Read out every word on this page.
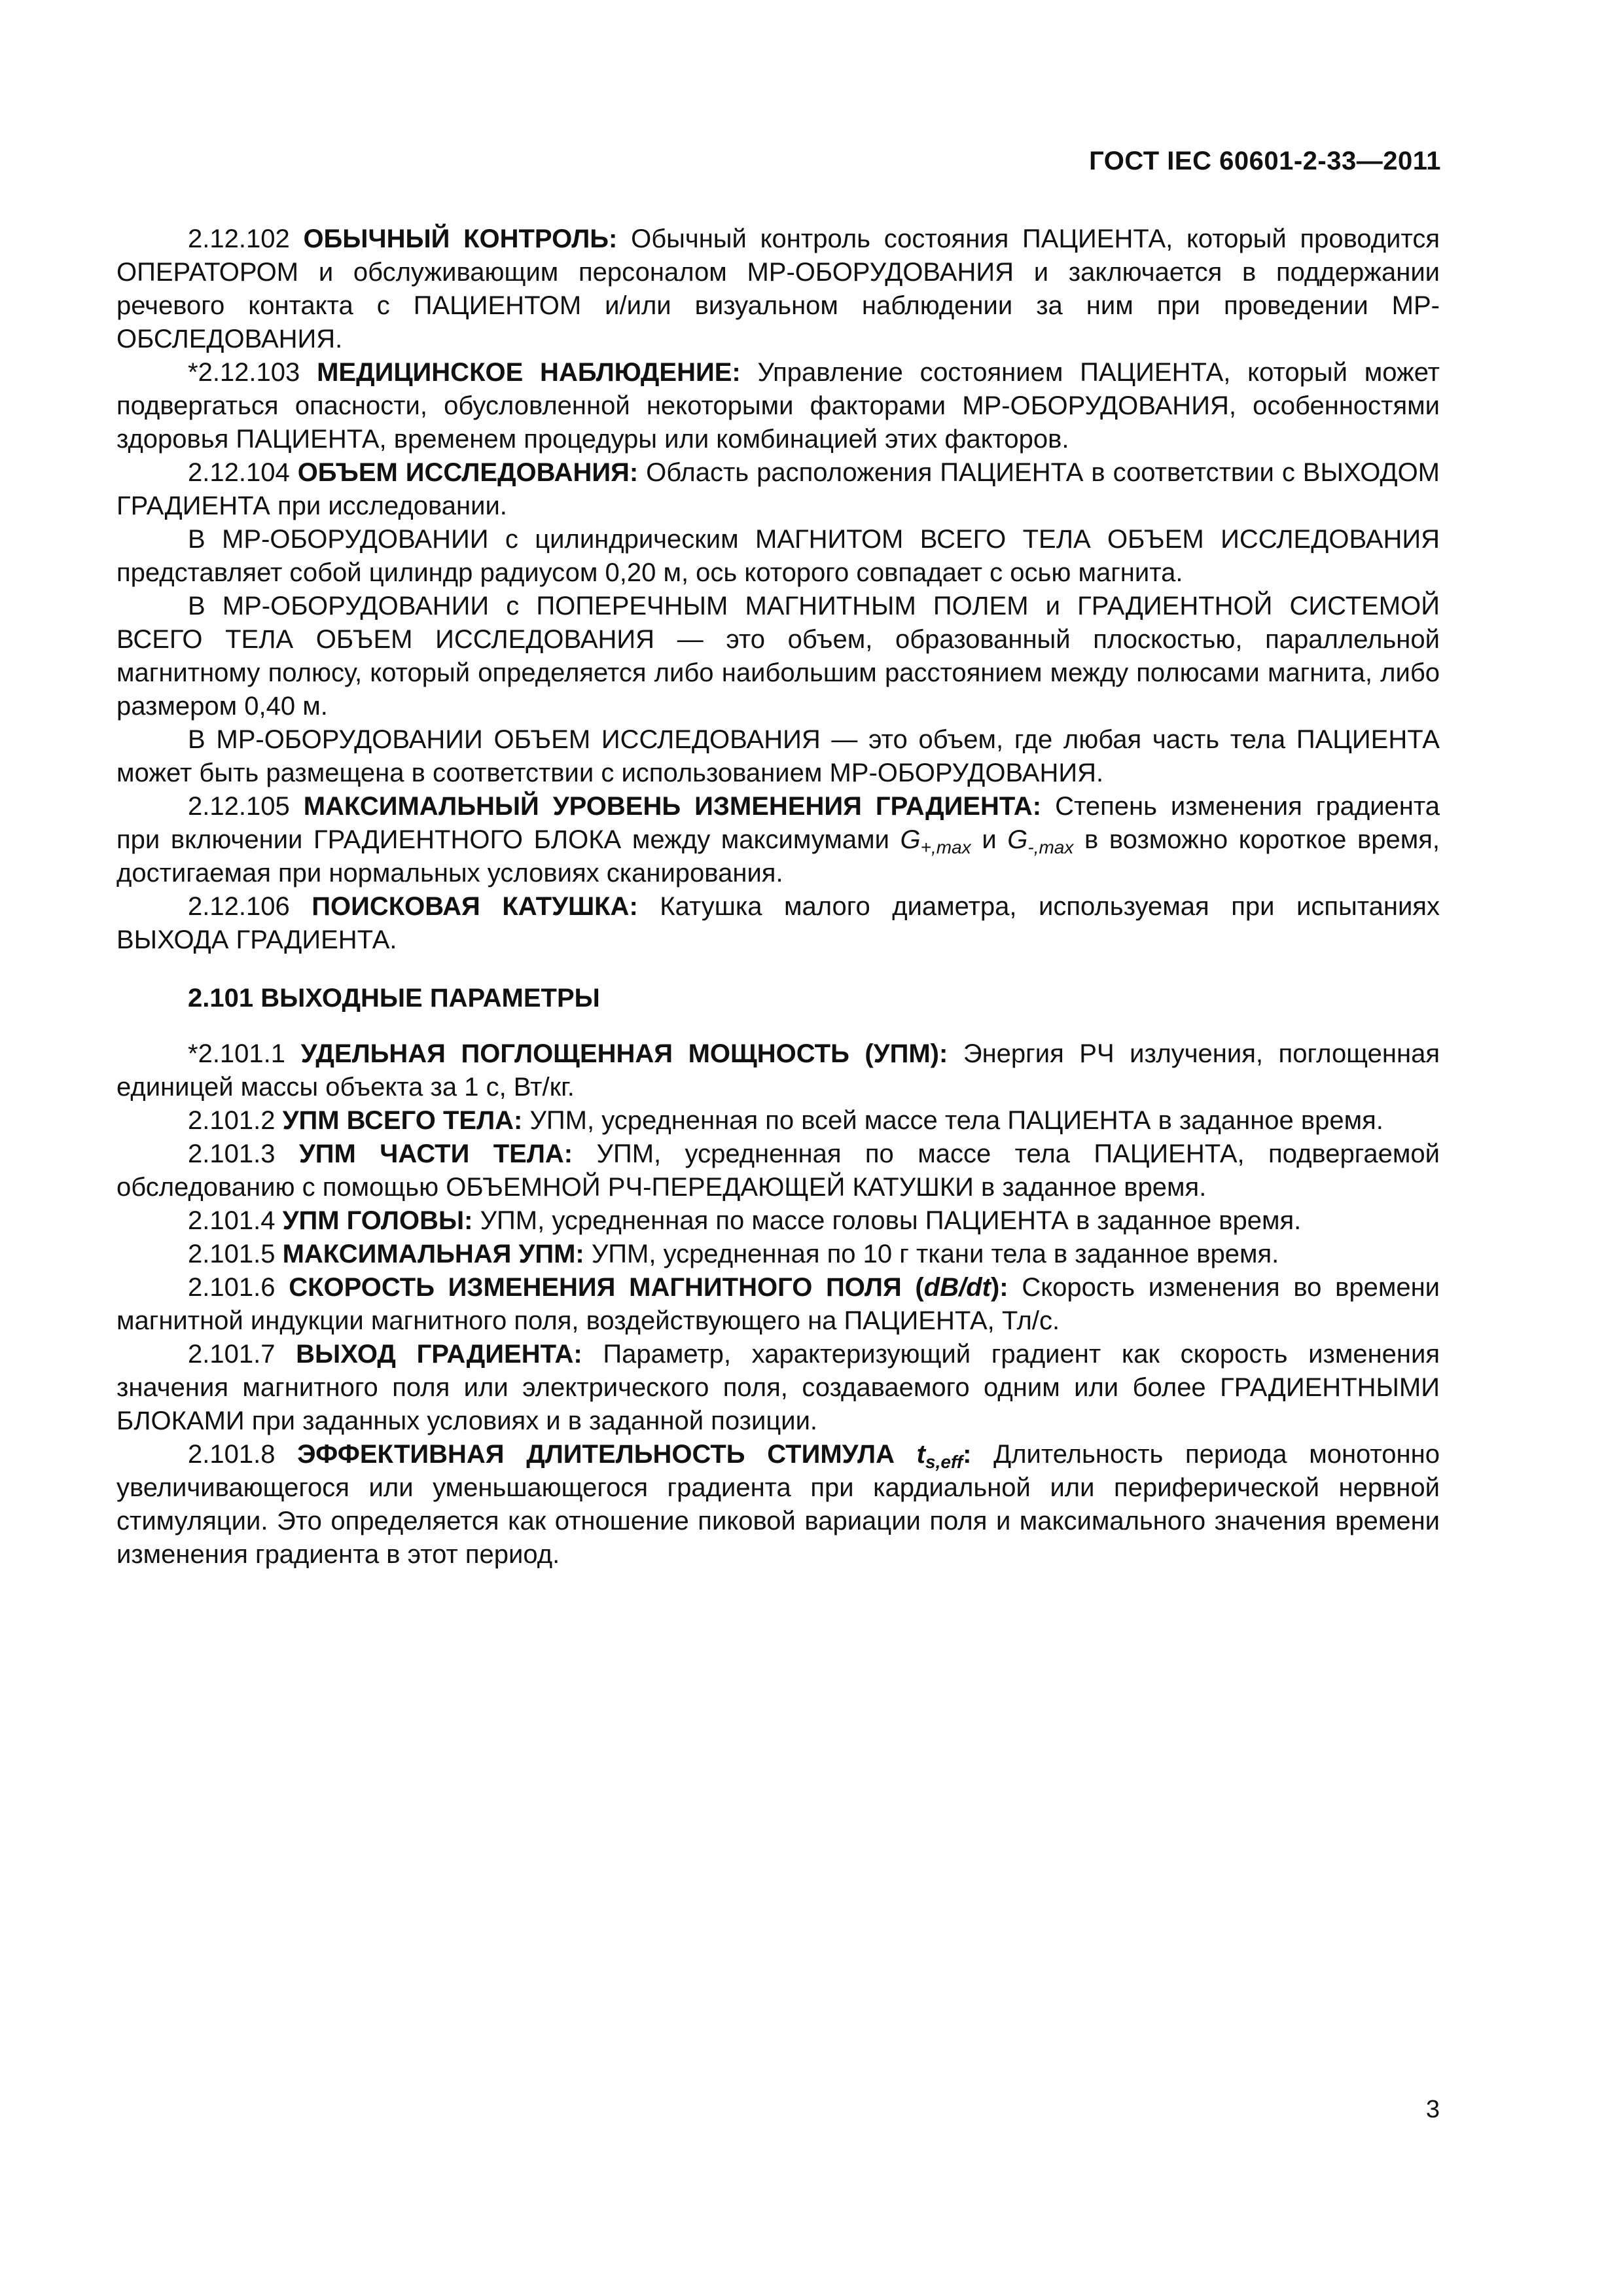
ГОСТ IEC 60601-2-33—2011

2.12.102 ОБЫЧНЫЙ КОНТРОЛЬ: Обычный контроль состояния ПАЦИЕНТА, который проводится ОПЕРАТОРОМ и обслуживающим персоналом МР-ОБОРУДОВАНИЯ и заключается в поддержании речевого контакта с ПАЦИЕНТОМ и/или визуальном наблюдении за ним при проведении МР-ОБСЛЕДОВАНИЯ.

*2.12.103 МЕДИЦИНСКОЕ НАБЛЮДЕНИЕ: Управление состоянием ПАЦИЕНТА, который может подвергаться опасности, обусловленной некоторыми факторами МР-ОБОРУДОВАНИЯ, особенностями здоровья ПАЦИЕНТА, временем процедуры или комбинацией этих факторов.

2.12.104 ОБЪЕМ ИССЛЕДОВАНИЯ: Область расположения ПАЦИЕНТА в соответствии с ВЫХОДОМ ГРАДИЕНТА при исследовании.

В МР-ОБОРУДОВАНИИ с цилиндрическим МАГНИТОМ ВСЕГО ТЕЛА ОБЪЕМ ИССЛЕДОВАНИЯ представляет собой цилиндр радиусом 0,20 м, ось которого совпадает с осью магнита.

В МР-ОБОРУДОВАНИИ с ПОПЕРЕЧНЫМ МАГНИТНЫМ ПОЛЕМ и ГРАДИЕНТНОЙ СИСТЕМОЙ ВСЕГО ТЕЛА ОБЪЕМ ИССЛЕДОВАНИЯ — это объем, образованный плоскостью, параллельной магнитному полюсу, который определяется либо наибольшим расстоянием между полюсами магнита, либо размером 0,40 м.

В МР-ОБОРУДОВАНИИ ОБЪЕМ ИССЛЕДОВАНИЯ — это объем, где любая часть тела ПАЦИЕНТА может быть размещена в соответствии с использованием МР-ОБОРУДОВАНИЯ.

2.12.105 МАКСИМАЛЬНЫЙ УРОВЕНЬ ИЗМЕНЕНИЯ ГРАДИЕНТА: Степень изменения градиента при включении ГРАДИЕНТНОГО БЛОКА между максимумами $G_{+,max}$ и $G_{-,max}$ в возможно короткое время, достигаемая при нормальных условиях сканирования.

2.12.106 ПОИСКОВАЯ КАТУШКА: Катушка малого диаметра, используемая при испытаниях ВЫХОДА ГРАДИЕНТА.

2.101 ВЫХОДНЫЕ ПАРАМЕТРЫ

*2.101.1 УДЕЛЬНАЯ ПОГЛОЩЕННАЯ МОЩНОСТЬ (УПМ): Энергия РЧ излучения, поглощенная единицей массы объекта за 1 с, Вт/кг.

2.101.2 УПМ ВСЕГО ТЕЛА: УПМ, усредненная по всей массе тела ПАЦИЕНТА в заданное время.

2.101.3 УПМ ЧАСТИ ТЕЛА: УПМ, усредненная по массе тела ПАЦИЕНТА, подвергаемой обследованию с помощью ОБЪЕМНОЙ РЧ-ПЕРЕДАЮЩЕЙ КАТУШКИ в заданное время.

2.101.4 УПМ ГОЛОВЫ: УПМ, усредненная по массе головы ПАЦИЕНТА в заданное время.

2.101.5 МАКСИМАЛЬНАЯ УПМ: УПМ, усредненная по 10 г ткани тела в заданное время.

2.101.6 СКОРОСТЬ ИЗМЕНЕНИЯ МАГНИТНОГО ПОЛЯ (dB/dt): Скорость изменения во времени магнитной индукции магнитного поля, воздействующего на ПАЦИЕНТА, Тл/с.

2.101.7 ВЫХОД ГРАДИЕНТА: Параметр, характеризующий градиент как скорость изменения значения магнитного поля или электрического поля, создаваемого одним или более ГРАДИЕНТНЫМИ БЛОКАМИ при заданных условиях и в заданной позиции.

2.101.8 ЭФФЕКТИВНАЯ ДЛИТЕЛЬНОСТЬ СТИМУЛА $t_{s,eff}$: Длительность периода монотонно увеличивающегося или уменьшающегося градиента при кардиальной или периферической нервной стимуляции. Это определяется как отношение пиковой вариации поля и максимального значения времени изменения градиента в этот период.

3
